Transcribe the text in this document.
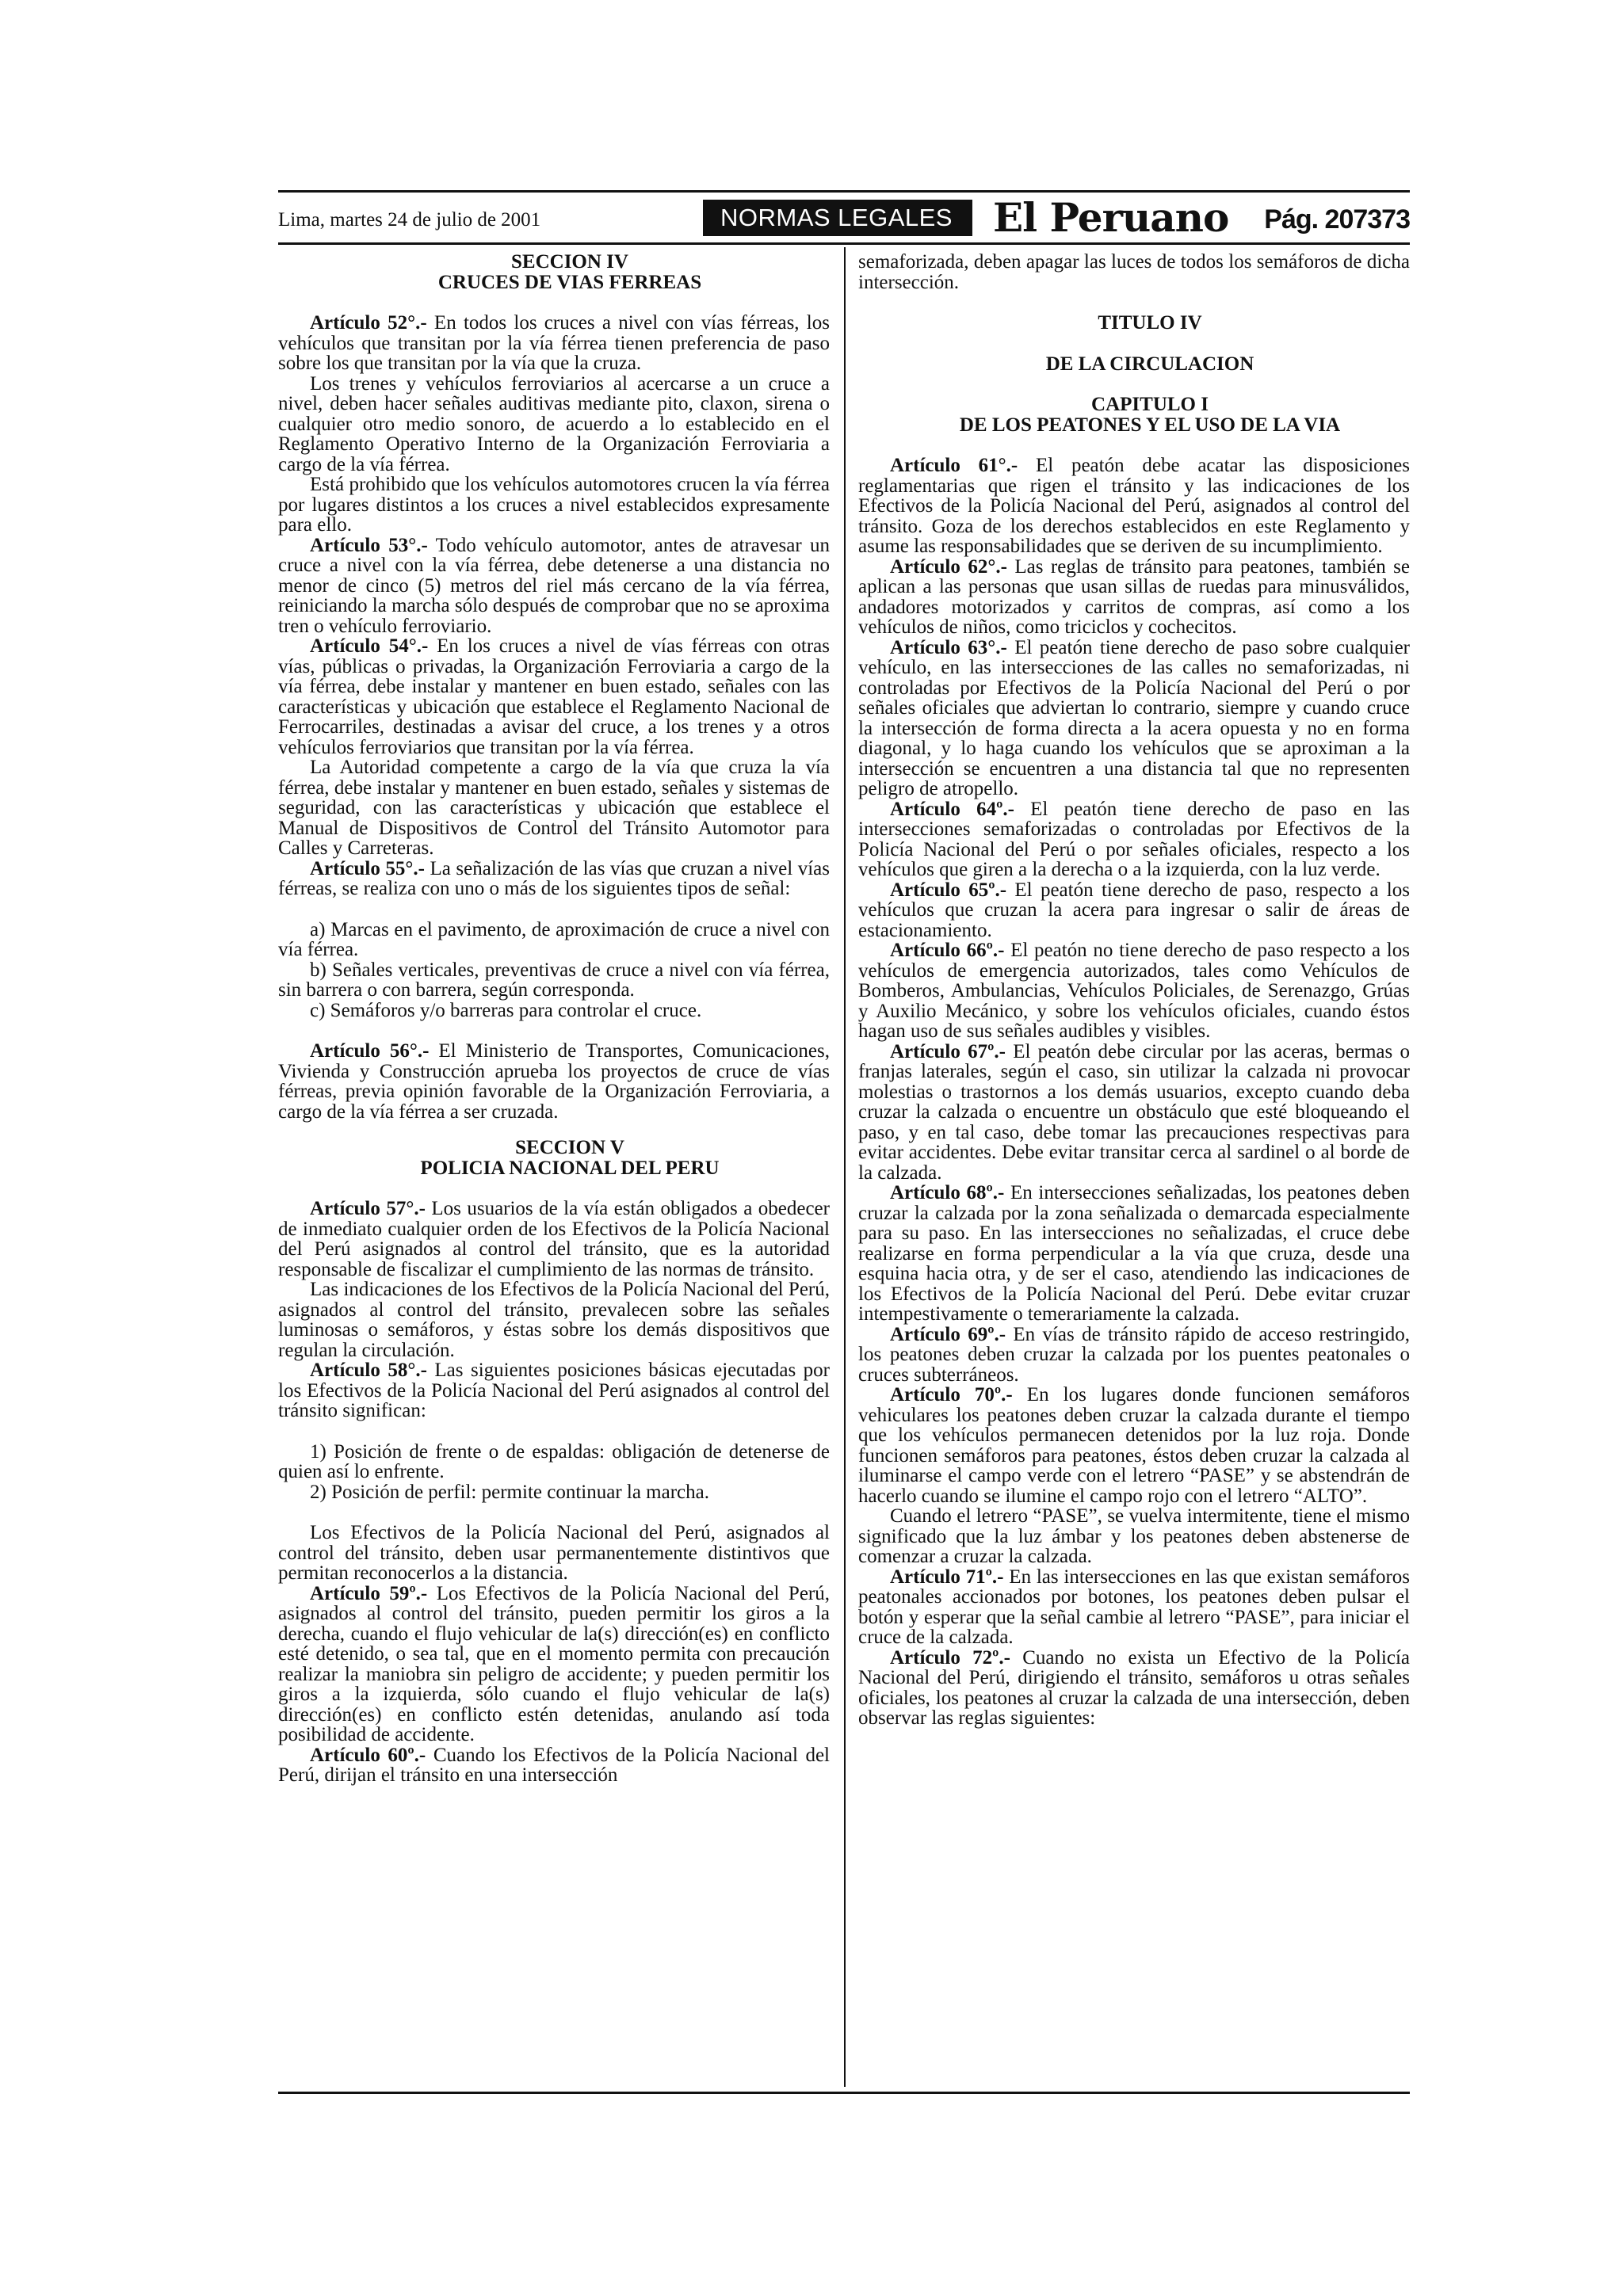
Lima, martes 24 de julio de 2001	NORMAS LEGALES	El Peruano Pág. 207373

SECCION IV

CRUCES DE VIAS FERREAS

Artículo 52°.- En todos los cruces a nivel con vías férreas, los vehículos que transitan por la vía férrea tienen preferencia de paso sobre los que transitan por la vía que la cruza.

Los trenes y vehículos ferroviarios al acercarse a un cruce a nivel, deben hacer señales auditivas mediante pito, claxon, sirena o cualquier otro medio sonoro, de acuerdo a lo establecido en el Reglamento Operativo Interno de la Organización Ferroviaria a cargo de la vía férrea.

Está prohibido que los vehículos automotores crucen la vía férrea por lugares distintos a los cruces a nivel establecidos expresamente para ello.

Artículo 53°.- Todo vehículo automotor, antes de atravesar un cruce a nivel con la vía férrea, debe detenerse a una distancia no menor de cinco (5) metros del riel más cercano de la vía férrea, reiniciando la marcha sólo después de comprobar que no se aproxima tren o vehículo ferroviario.

Artículo 54°.- En los cruces a nivel de vías férreas con otras vías, públicas o privadas, la Organización Ferroviaria a cargo de la vía férrea, debe instalar y mantener en buen estado, señales con las características y ubicación que establece el Reglamento Nacional de Ferrocarriles, destinadas a avisar del cruce, a los trenes y a otros vehículos ferroviarios que transitan por la vía férrea.

La Autoridad competente a cargo de la vía que cruza la vía férrea, debe instalar y mantener en buen estado, señales y sistemas de seguridad, con las características y ubicación que establece el Manual de Dispositivos de Control del Tránsito Automotor para Calles y Carreteras.

Artículo 55°.- La señalización de las vías que cruzan a nivel vías férreas, se realiza con uno o más de los siguientes tipos de señal:

a) Marcas en el pavimento, de aproximación de cruce a nivel con vía férrea.

b) Señales verticales, preventivas de cruce a nivel con vía férrea, sin barrera o con barrera, según corresponda.

c) Semáforos y/o barreras para controlar el cruce.

Artículo 56°.- El Ministerio de Transportes, Comunicaciones, Vivienda y Construcción aprueba los proyectos de cruce de vías férreas, previa opinión favorable de la Organización Ferroviaria, a cargo de la vía férrea a ser cruzada.

SECCION V

POLICIA NACIONAL DEL PERU

Artículo 57°.- Los usuarios de la vía están obligados a obedecer de inmediato cualquier orden de los Efectivos de la Policía Nacional del Perú asignados al control del tránsito, que es la autoridad responsable de fiscalizar el cumplimiento de las normas de tránsito.

Las indicaciones de los Efectivos de la Policía Nacional del Perú, asignados al control del tránsito, prevalecen sobre las señales luminosas o semáforos, y éstas sobre los demás dispositivos que regulan la circulación.

Artículo 58°.- Las siguientes posiciones básicas ejecutadas por los Efectivos de la Policía Nacional del Perú asignados al control del tránsito significan:

1) Posición de frente o de espaldas: obligación de detenerse de quien así lo enfrente.

2) Posición de perfil: permite continuar la marcha.

Los Efectivos de la Policía Nacional del Perú, asignados al control del tránsito, deben usar permanentemente distintivos que permitan reconocerlos a la distancia.

Artículo 59º.- Los Efectivos de la Policía Nacional del Perú, asignados al control del tránsito, pueden permitir los giros a la derecha, cuando el flujo vehicular de la(s) dirección(es) en conflicto esté detenido, o sea tal, que en el momento permita con precaución realizar la maniobra sin peligro de accidente; y pueden permitir los giros a la izquierda, sólo cuando el flujo vehicular de la(s) dirección(es) en conflicto estén detenidas, anulando así toda posibilidad de accidente.

Artículo 60º.- Cuando los Efectivos de la Policía Nacional del Perú, dirijan el tránsito en una intersección

semaforizada, deben apagar las luces de todos los semáforos de dicha intersección.

TITULO IV

DE LA CIRCULACION

CAPITULO I

DE LOS PEATONES Y EL USO DE LA VIA

Artículo 61°.- El peatón debe acatar las disposiciones reglamentarias que rigen el tránsito y las indicaciones de los Efectivos de la Policía Nacional del Perú, asignados al control del tránsito. Goza de los derechos establecidos en este Reglamento y asume las responsabilidades que se deriven de su incumplimiento.

Artículo 62°.- Las reglas de tránsito para peatones, también se aplican a las personas que usan sillas de ruedas para minusválidos, andadores motorizados y carritos de compras, así como a los vehículos de niños, como triciclos y cochecitos.

Artículo 63°.- El peatón tiene derecho de paso sobre cualquier vehículo, en las intersecciones de las calles no semaforizadas, ni controladas por Efectivos de la Policía Nacional del Perú o por señales oficiales que adviertan lo contrario, siempre y cuando cruce la intersección de forma directa a la acera opuesta y no en forma diagonal, y lo haga cuando los vehículos que se aproximan a la intersección se encuentren a una distancia tal que no representen peligro de atropello.

Artículo 64º.- El peatón tiene derecho de paso en las intersecciones semaforizadas o controladas por Efectivos de la Policía Nacional del Perú o por señales oficiales, respecto a los vehículos que giren a la derecha o a la izquierda, con la luz verde.

Artículo 65º.- El peatón tiene derecho de paso, respecto a los vehículos que cruzan la acera para ingresar o salir de áreas de estacionamiento.

Artículo 66º.- El peatón no tiene derecho de paso respecto a los vehículos de emergencia autorizados, tales como Vehículos de Bomberos, Ambulancias, Vehículos Policiales, de Serenazgo, Grúas y Auxilio Mecánico, y sobre los vehículos oficiales, cuando éstos hagan uso de sus señales audibles y visibles.

Artículo 67º.- El peatón debe circular por las aceras, bermas o franjas laterales, según el caso, sin utilizar la calzada ni provocar molestias o trastornos a los demás usuarios, excepto cuando deba cruzar la calzada o encuentre un obstáculo que esté bloqueando el paso, y en tal caso, debe tomar las precauciones respectivas para evitar accidentes. Debe evitar transitar cerca al sardinel o al borde de la calzada.

Artículo 68º.- En intersecciones señalizadas, los peatones deben cruzar la calzada por la zona señalizada o demarcada especialmente para su paso. En las intersecciones no señalizadas, el cruce debe realizarse en forma perpendicular a la vía que cruza, desde una esquina hacia otra, y de ser el caso, atendiendo las indicaciones de los Efectivos de la Policía Nacional del Perú. Debe evitar cruzar intempestivamente o temerariamente la calzada.

Artículo 69º.- En vías de tránsito rápido de acceso restringido, los peatones deben cruzar la calzada por los puentes peatonales o cruces subterráneos.

Artículo 70º.- En los lugares donde funcionen semáforos vehiculares los peatones deben cruzar la calzada durante el tiempo que los vehículos permanecen detenidos por la luz roja. Donde funcionen semáforos para peatones, éstos deben cruzar la calzada al iluminarse el campo verde con el letrero “PASE” y se abstendrán de hacerlo cuando se ilumine el campo rojo con el letrero “ALTO”.

Cuando el letrero “PASE”, se vuelva intermitente, tiene el mismo significado que la luz ámbar y los peatones deben abstenerse de comenzar a cruzar la calzada.

Artículo 71º.- En las intersecciones en las que existan semáforos peatonales accionados por botones, los peatones deben pulsar el botón y esperar que la señal cambie al letrero “PASE”, para iniciar el cruce de la calzada.

Artículo 72º.- Cuando no exista un Efectivo de la Policía Nacional del Perú, dirigiendo el tránsito, semáforos u otras señales oficiales, los peatones al cruzar la calzada de una intersección, deben observar las reglas siguientes:
